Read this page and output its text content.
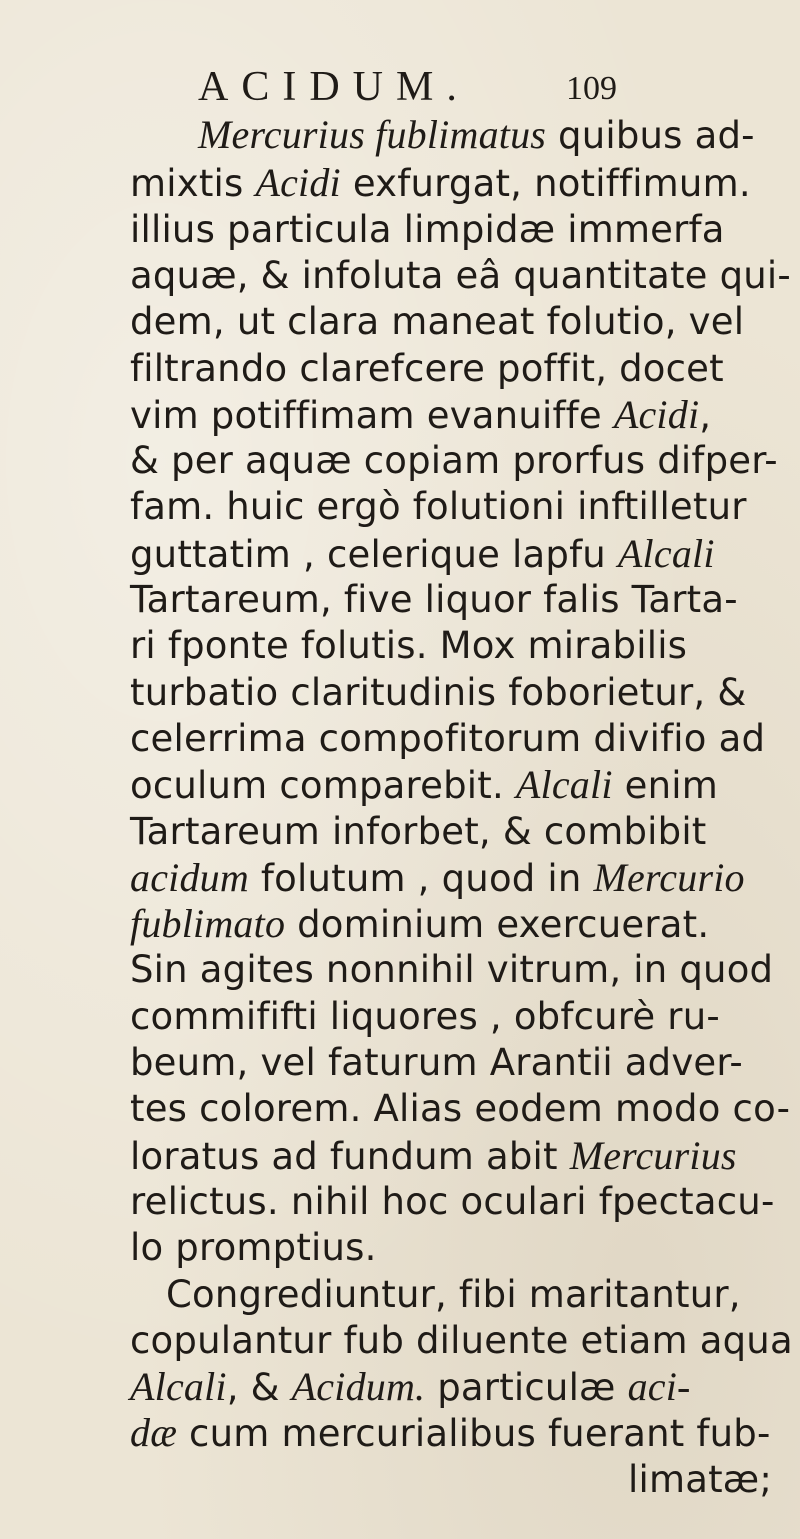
ACIDUM.	109
Mercurius fublimatus quibus ad-
mixtis Acidi exfurgat, notiffimum.
illius particula limpidæ immerfa
aquæ, & infoluta eâ quantitate qui-
dem, ut clara maneat folutio, vel
filtrando clarefcere poffit, docet
vim potiffimam evanuiffe Acidi,
& per aquæ copiam prorfus difper-
fam. huic ergò folutioni inftilletur
guttatim , celerique lapfu Alcali
Tartareum, five liquor falis Tarta-
ri fponte folutis. Mox mirabilis
turbatio claritudinis foborietur, &
celerrima compofitorum divifio ad
oculum comparebit. Alcali enim
Tartareum inforbet, & combibit
acidum folutum , quod in Mercurio
fublimato dominium exercuerat.
Sin agites nonnihil vitrum, in quod
commififti liquores , obfcurè ru-
beum, vel faturum Arantii adver-
tes colorem. Alias eodem modo co-
loratus ad fundum abit Mercurius
relictus. nihil hoc oculari fpectacu-
lo promptius.
Congrediuntur, fibi maritantur,
copulantur fub diluente etiam aqua
Alcali, & Acidum. particulæ aci-
dæ cum mercurialibus fuerant fub-
limatæ;
